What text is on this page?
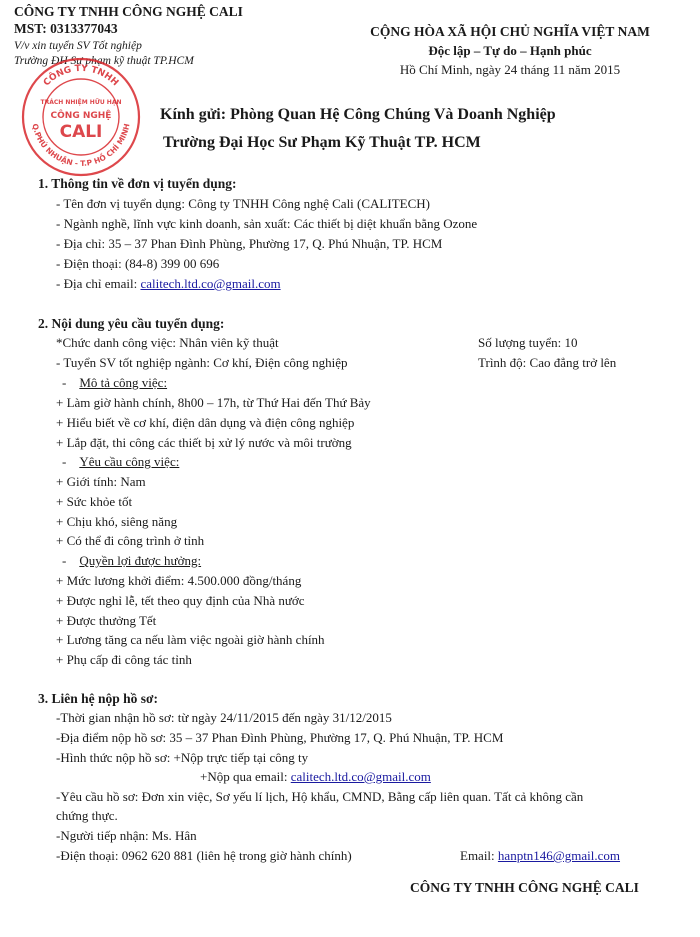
CÔNG TY TNHH CÔNG NGHỆ CALI
MST: 0313377043
V/v xin tuyển SV Tốt nghiệp
Trường ĐH Sư phạm kỹ thuật TP.HCM
CỘNG HÒA XÃ HỘI CHỦ NGHĨA VIỆT NAM
Độc lập – Tự do – Hạnh phúc
Hồ Chí Minh, ngày 24 tháng 11 năm 2015
CÔNG TY TNHH
Q.PHÚ NHUẬN - T.P HỒ CHÍ MINH
TRÁCH NHIỆM HỮU HẠN
CÔNG NGHỆ
CALI
Kính gửi: Phòng Quan Hệ Công Chúng Và Doanh Nghiệp
Trường Đại Học Sư Phạm Kỹ Thuật TP. HCM
1. Thông tin về đơn vị tuyển dụng:
- Tên đơn vị tuyển dụng: Công ty TNHH Công nghệ Cali (CALITECH)
- Ngành nghề, lĩnh vực kinh doanh, sản xuất: Các thiết bị diệt khuẩn bằng Ozone
- Địa chỉ: 35 – 37 Phan Đình Phùng, Phường 17, Q. Phú Nhuận, TP. HCM
- Điện thoại: (84-8) 399 00 696
- Địa chỉ email: calitech.ltd.co@gmail.com
2. Nội dung yêu cầu tuyển dụng:
*Chức danh công việc: Nhân viên kỹ thuật	Số lượng tuyển: 10
- Tuyển SV tốt nghiệp ngành: Cơ khí, Điện công nghiệp	Trình độ: Cao đẳng trở lên
-    Mô tả công việc:
+ Làm giờ hành chính, 8h00 – 17h, từ Thứ Hai đến Thứ Bảy
+ Hiểu biết về cơ khí, điện dân dụng và điện công nghiệp
+ Lắp đặt, thi công các thiết bị xử lý nước và môi trường
-    Yêu cầu công việc:
+ Giới tính: Nam
+ Sức khỏe tốt
+ Chịu khó, siêng năng
+ Có thể đi công trình ở tỉnh
-    Quyền lợi được hưởng:
+ Mức lương khởi điểm: 4.500.000 đồng/tháng
+ Được nghỉ lễ, tết theo quy định của Nhà nước
+ Được thưởng Tết
+ Lương tăng ca nếu làm việc ngoài giờ hành chính
+ Phụ cấp đi công tác tỉnh
3. Liên hệ nộp hồ sơ:
-Thời gian nhận hồ sơ: từ ngày 24/11/2015 đến ngày 31/12/2015
-Địa điểm nộp hồ sơ: 35 – 37 Phan Đình Phùng, Phường 17, Q. Phú Nhuận, TP. HCM
-Hình thức nộp hồ sơ: +Nộp trực tiếp tại công ty
+Nộp qua email: calitech.ltd.co@gmail.com
-Yêu cầu hồ sơ: Đơn xin việc, Sơ yếu lí lịch, Hộ khẩu, CMND, Bằng cấp liên quan. Tất cả không cần
chứng thực.
-Người tiếp nhận: Ms. Hân
-Điện thoại: 0962 620 881 (liên hệ trong giờ hành chính)	Email: hanptn146@gmail.com
CÔNG TY TNHH CÔNG NGHỆ CALI
